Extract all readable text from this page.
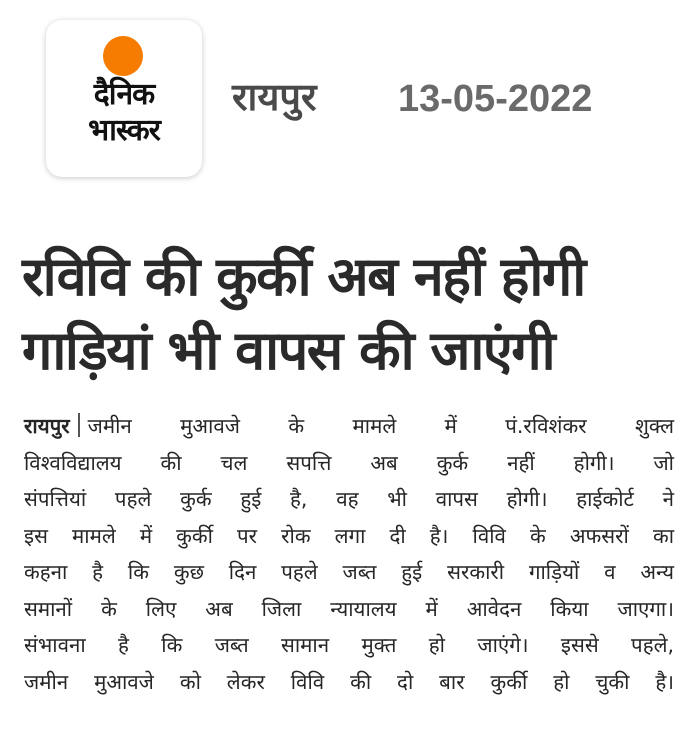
दैनिक
भास्कर
रायपुर 13-05-2022
रविवि की कुर्की अब नहीं होगी
गाड़ियां भी वापस की जाएंगी
रायपुर जमीन मुआवजे के मामले में पं.रविशंकर शुक्ल
विश्वविद्यालय की चल सपत्ति अब कुर्क नहीं होगी। जो
संपत्तियां पहले कुर्क हुई है, वह भी वापस होगी। हाईकोर्ट ने
इस मामले में कुर्की पर रोक लगा दी है। विवि के अफसरों का
कहना है कि कुछ दिन पहले जब्त हुई सरकारी गाड़ियों व अन्य
समानों के लिए अब जिला न्यायालय में आवेदन किया जाएगा।
संभावना है कि जब्त सामान मुक्त हो जाएंगे। इससे पहले,
जमीन मुआवजे को लेकर विवि की दो बार कुर्की हो चुकी है।
